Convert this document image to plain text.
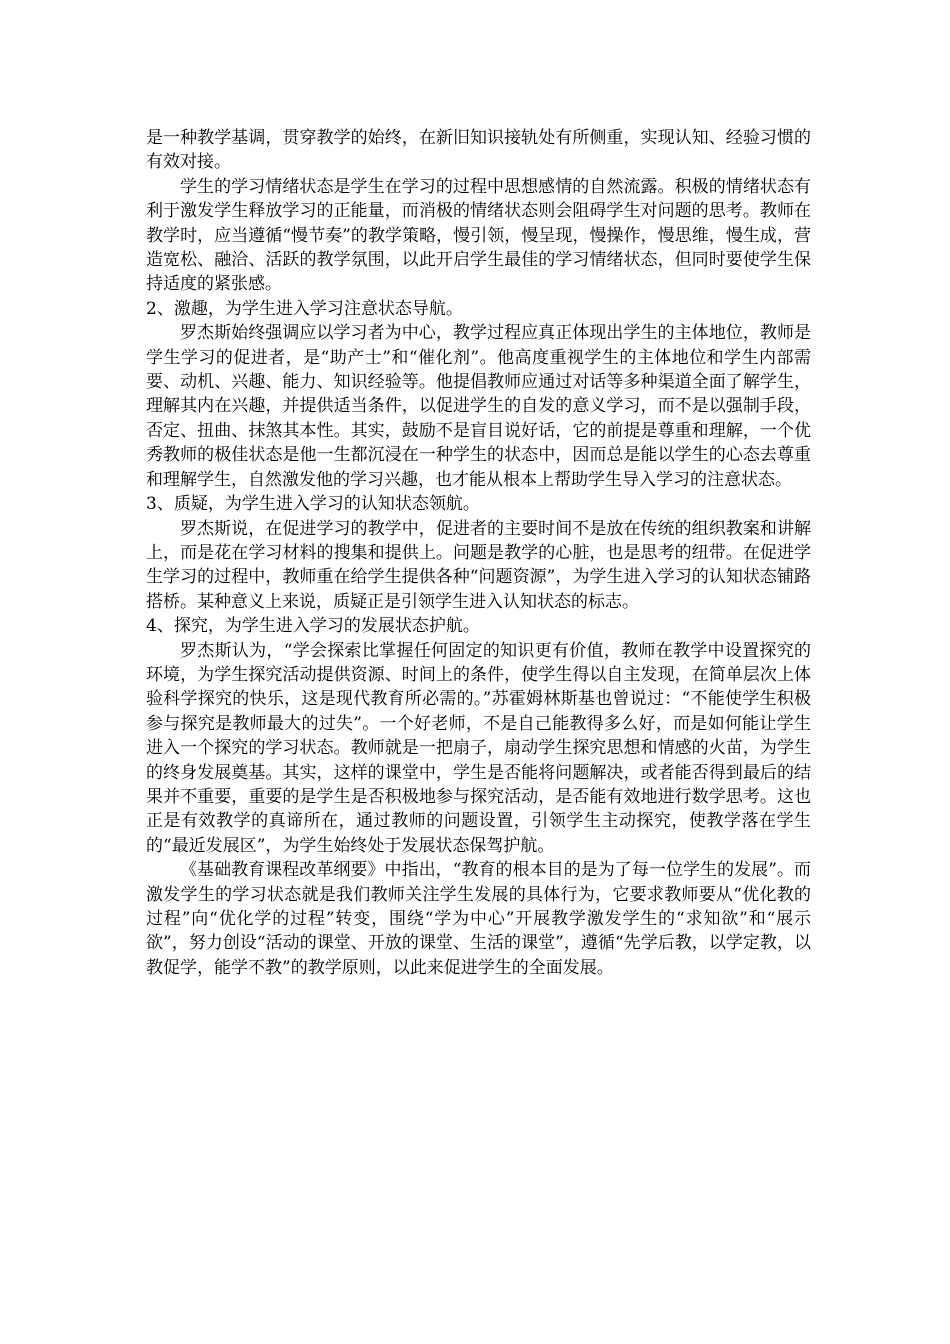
是一种教学基调，贯穿教学的始终，在新旧知识接轨处有所侧重，实现认知、经验习惯的有效对接。

学生的学习情绪状态是学生在学习的过程中思想感情的自然流露。积极的情绪状态有利于激发学生释放学习的正能量，而消极的情绪状态则会阻碍学生对问题的思考。教师在教学时，应当遵循“慢节奏”的教学策略，慢引领，慢呈现，慢操作，慢思维，慢生成，营造宽松、融洽、活跃的教学氛围，以此开启学生最佳的学习情绪状态，但同时要使学生保持适度的紧张感。

2、激趣，为学生进入学习注意状态导航。

罗杰斯始终强调应以学习者为中心，教学过程应真正体现出学生的主体地位，教师是学生学习的促进者，是“助产士”和“催化剂”。他高度重视学生的主体地位和学生内部需要、动机、兴趣、能力、知识经验等。他提倡教师应通过对话等多种渠道全面了解学生，理解其内在兴趣，并提供适当条件，以促进学生的自发的意义学习，而不是以强制手段，否定、扭曲、抹煞其本性。其实，鼓励不是盲目说好话，它的前提是尊重和理解，一个优秀教师的极佳状态是他一生都沉浸在一种学生的状态中，因而总是能以学生的心态去尊重和理解学生，自然激发他的学习兴趣，也才能从根本上帮助学生导入学习的注意状态。

3、质疑，为学生进入学习的认知状态领航。

罗杰斯说，在促进学习的教学中，促进者的主要时间不是放在传统的组织教案和讲解上，而是花在学习材料的搜集和提供上。问题是教学的心脏，也是思考的纽带。在促进学生学习的过程中，教师重在给学生提供各种“问题资源”，为学生进入学习的认知状态铺路搭桥。某种意义上来说，质疑正是引领学生进入认知状态的标志。

4、探究，为学生进入学习的发展状态护航。

罗杰斯认为，“学会探索比掌握任何固定的知识更有价值，教师在教学中设置探究的环境，为学生探究活动提供资源、时间上的条件，使学生得以自主发现，在简单层次上体验科学探究的快乐，这是现代教育所必需的。”苏霍姆林斯基也曾说过：“不能使学生积极参与探究是教师最大的过失”。一个好老师，不是自己能教得多么好，而是如何能让学生进入一个探究的学习状态。教师就是一把扇子，扇动学生探究思想和情感的火苗，为学生的终身发展奠基。其实，这样的课堂中，学生是否能将问题解决，或者能否得到最后的结果并不重要，重要的是学生是否积极地参与探究活动，是否能有效地进行数学思考。这也正是有效教学的真谛所在，通过教师的问题设置，引领学生主动探究，使教学落在学生的“最近发展区”，为学生始终处于发展状态保驾护航。

《基础教育课程改革纲要》中指出，“教育的根本目的是为了每一位学生的发展”。而激发学生的学习状态就是我们教师关注学生发展的具体行为，它要求教师要从“优化教的过程”向“优化学的过程”转变，围绕“学为中心”开展教学激发学生的“求知欲”和“展示欲”，努力创设“活动的课堂、开放的课堂、生活的课堂”，遵循“先学后教，以学定教，以教促学，能学不教”的教学原则，以此来促进学生的全面发展。
